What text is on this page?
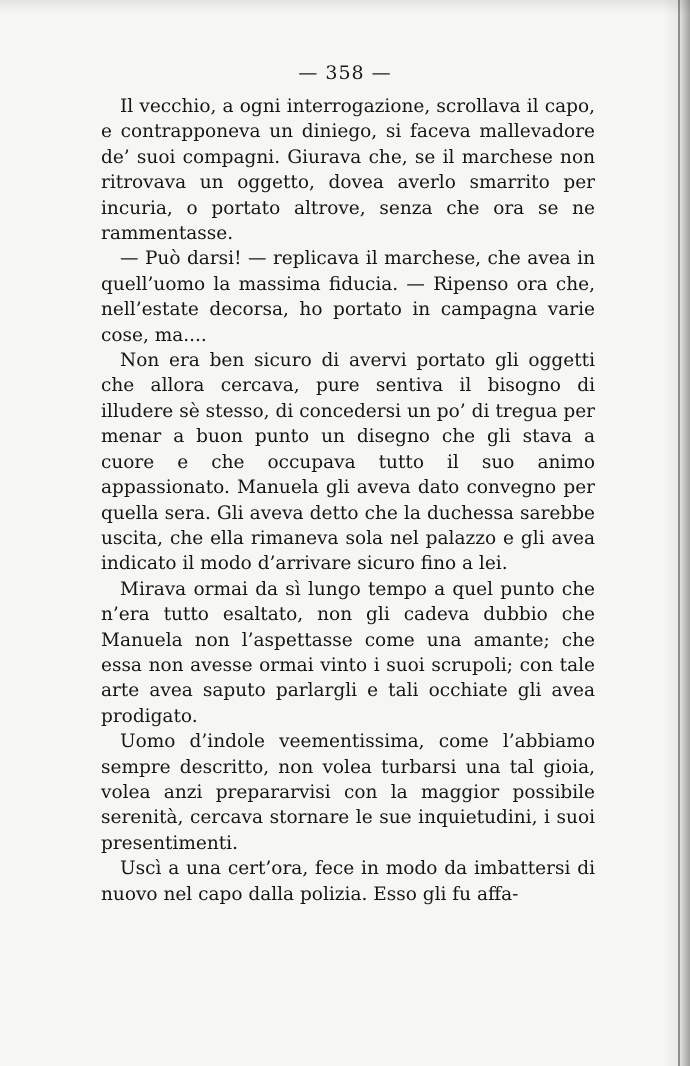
— 358 —

Il vecchio, a ogni interrogazione, scrollava il capo, e contrapponeva un diniego, si faceva mallevadore de’ suoi compagni. Giurava che, se il marchese non ritrovava un oggetto, dovea averlo smarrito per incuria, o portato altrove, senza che ora se ne rammentasse.

— Può darsi! — replicava il marchese, che avea in quell’uomo la massima fiducia. — Ripenso ora che, nell’estate decorsa, ho portato in campagna varie cose, ma....

Non era ben sicuro di avervi portato gli oggetti che allora cercava, pure sentiva il bisogno di illudere sè stesso, di concedersi un po’ di tregua per menar a buon punto un disegno che gli stava a cuore e che occupava tutto il suo animo appassionato. Manuela gli aveva dato convegno per quella sera. Gli aveva detto che la duchessa sarebbe uscita, che ella rimaneva sola nel palazzo e gli avea indicato il modo d’arrivare sicuro fino a lei.

Mirava ormai da sì lungo tempo a quel punto che n’era tutto esaltato, non gli cadeva dubbio che Manuela non l’aspettasse come una amante; che essa non avesse ormai vinto i suoi scrupoli; con tale arte avea saputo parlargli e tali occhiate gli avea prodigato.

Uomo d’indole veementissima, come l’abbiamo sempre descritto, non volea turbarsi una tal gioia, volea anzi prepararvisi con la maggior possibile serenità, cercava stornare le sue inquietudini, i suoi presentimenti.

Uscì a una cert’ora, fece in modo da imbattersi di nuovo nel capo dalla polizia. Esso gli fu affa-
